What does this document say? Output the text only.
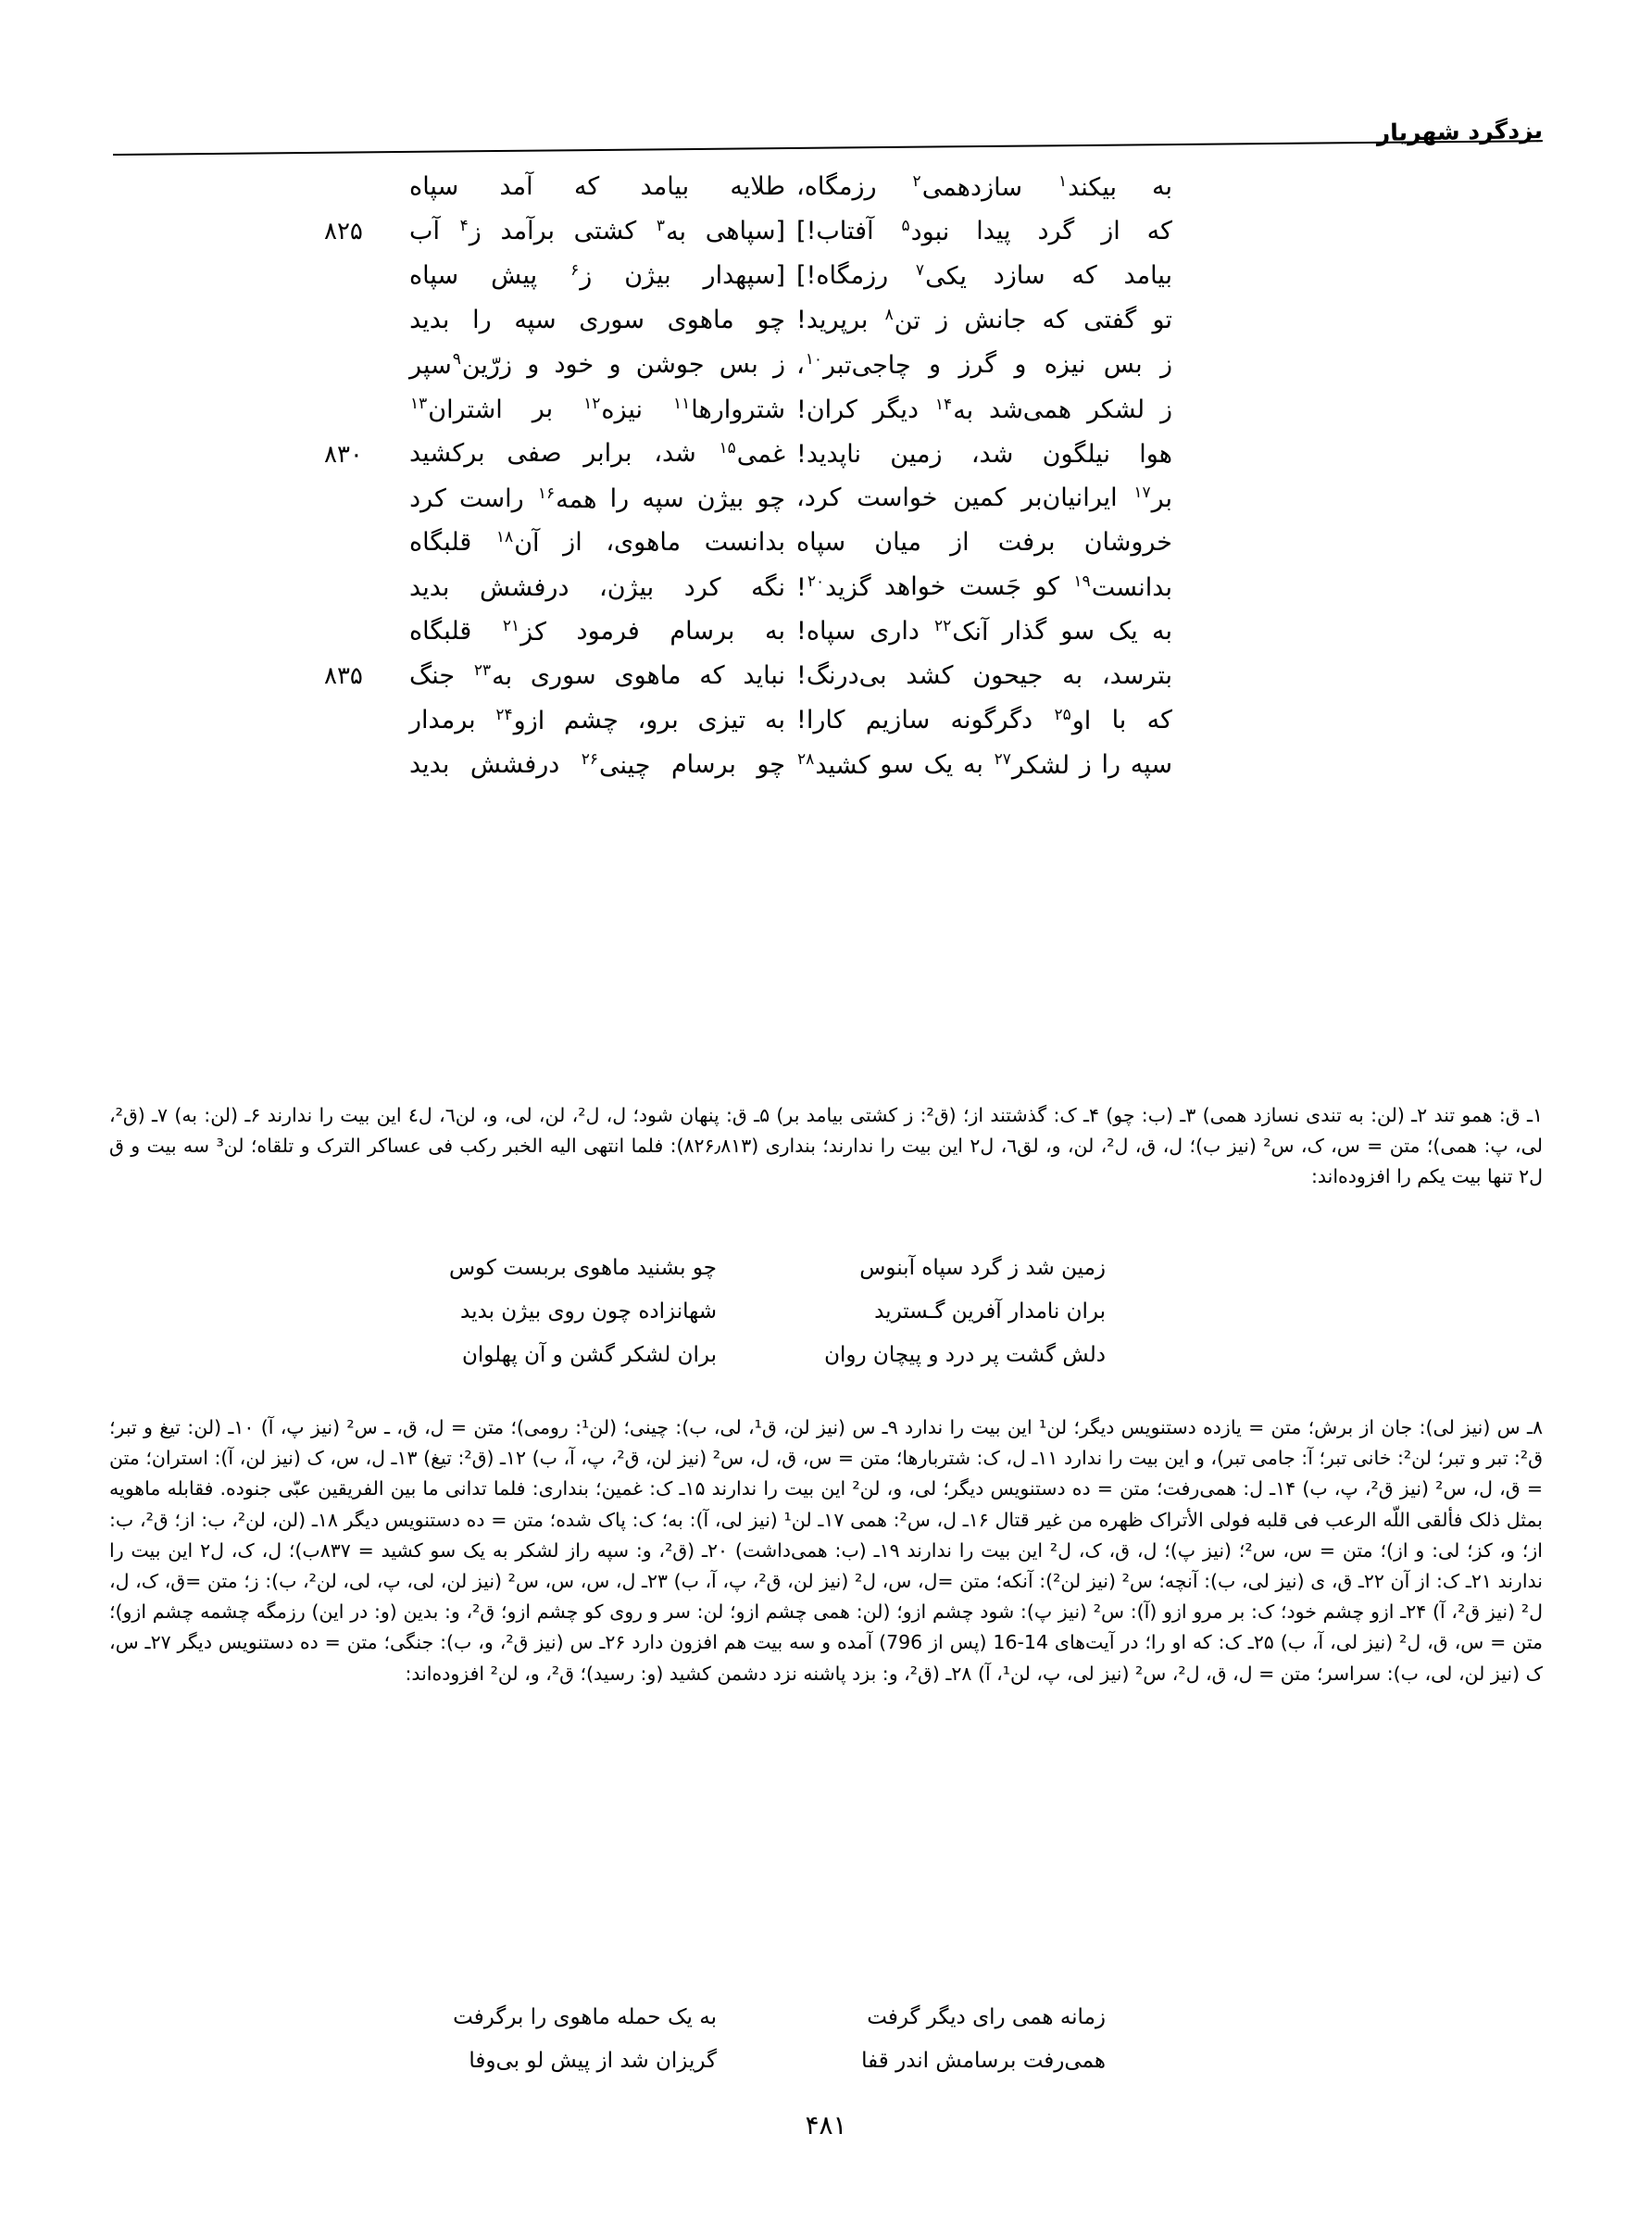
یزدگرد شهریار
به
بیکند$^۱$
سازدهمی$^۲$
رزمگاه،
طلایه
بیامد
که
آمد
سپاه
که
از
گرد
پیدا
نبود$^۵$
آفتاب!]
[سپاهی
به$^۳$
کشتی
برآمد
ز$^۴$
آب
۸۲۵
بیامد
که
سازد
یکی$^۷$
رزمگاه!]
[سپهدار
بیژن
ز$^۶$
پیش
سپاه
تو
گفتی
که
جانش
ز
تن$^۸$
برپرید!
چو
ماهوی
سوری
سپه
را
بدید
ز
بس
نیزه
و
گرز
و
چاجی‌تبر$^{۱۰}$،
ز
بس
جوشن
و
خود
و
زرّین$^۹$سپر
ز
لشکر
همی‌شد
به$^{۱۴}$
دیگر
کران!
شتروارها$^{۱۱}$
نیزه$^{۱۲}$
بر
اشتران$^{۱۳}$
هوا
نیلگون
شد،
زمین
ناپدید!
غمی$^{۱۵}$
شد،
برابر
صفی
برکشید
۸۳۰
بر$^{۱۷}$
ایرانیان‌بر
کمین
خواست
کرد،
چو
بیژن
سپه
را
همه$^{۱۶}$
راست
کرد
خروشان
برفت
از
میان
سپاه
بدانست
ماهوی،
از
آن$^{۱۸}$
قلبگاه
بدانست$^{۱۹}$
کو
جَست
خواهد
گزید$^{۲۰}$!
نگه
کرد
بیژن،
درفشش
بدید
به
یک
سو
گذار
آنک$^{۲۲}$
داری
سپاه!
به
برسام
فرمود
کز$^{۲۱}$
قلبگاه
بترسد،
به
جیحون
کشد
بی‌درنگ!
نباید
که
ماهوی
سوری
به$^{۲۳}$
جنگ
۸۳۵
که
با
او$^{۲۵}$
دگرگونه
سازیم
کارا!
به
تیزی
برو،
چشم
ازو$^{۲۴}$
برمدار
سپه
را
ز
لشکر$^{۲۷}$
به
یک
سو
کشید$^{۲۸}$
چو
برسام
چینی$^{۲۶}$
درفشش
بدید

۱ـ ق: همو تند ۲ـ (لن: به تندی نسازد همی) ۳ـ (ب: چو) ۴ـ ک: گذشتند از؛ (ق²: ز کشتی بیامد بر) ۵ـ ق: پنهان شود؛ ل، ل²، لن، لی، و، لن٦، ل٤ این بیت را ندارند ۶ـ (لن: به) ۷ـ (ق²، لی، پ: همی)؛ متن = س، ک، س² (نیز ب)؛ ل، ق، ل²، لن، و، لق٦، ل٢ این بیت را ندارند؛ بنداری (۸۲۶٫۸۱۳): فلما انتهی الیه الخبر رکب فی عساکر الترک و تلقاه؛ لن³ سه بیت و ق ل٢ تنها بیت یکم را افزوده‌اند:

زمین شد ز گرد سپاه آبنوس
چو بشنید ماهوی بربست کوس
بران نامدار آفرین گـسترید
شهانزاده چون روی بیژن بدید
دلش گشت پر درد و پیچان روان
بران لشکر گشن و آن پهلوان

۸ـ س (نیز لی): جان از برش؛ متن = یازده دستنویس دیگر؛ لن¹ این بیت را ندارد ۹ـ س (نیز لن، ق¹، لی، ب): چینی؛ (لن¹: رومی)؛ متن = ل، ق، ـ س² (نیز پ، آ) ۱۰ـ (لن: تیغ و تبر؛ ق²: تبر و تبر؛ لن²: خانی تبر؛ آ: جامی تبر)، و این بیت را ندارد ۱۱ـ ل، ک: شتربارها؛ متن = س، ق، ل، س² (نیز لن، ق²، پ، آ، ب) ۱۲ـ (ق²: تیغ) ۱۳ـ ل، س، ک (نیز لن، آ): استران؛ متن = ق، ل، س² (نیز ق²، پ، ب) ۱۴ـ ل: همی‌رفت؛ متن = ده دستنویس دیگر؛ لی، و، لن² این بیت را ندارند ۱۵ـ ک: غمین؛ بنداری: فلما تدانی ما بین الفریقین عبّی جنوده. فقابله ماهویه بمثل ذلک فألقی اللّه الرعب فی قلبه فولی الأتراک ظهره من غیر قتال ۱۶ـ ل، س²: همی ۱۷ـ لن¹ (نیز لی، آ): به؛ ک: پاک شده؛ متن = ده دستنویس دیگر ۱۸ـ (لن، لن²، ب: از؛ ق²، ب: از؛ و، کز؛ لی: و از)؛ متن = س، س²؛ (نیز پ)؛ ل، ق، ک، ل² این بیت را ندارند ۱۹ـ (ب: همی‌داشت) ۲۰ـ (ق²، و: سپه راز لشکر به یک سو کشید = ۸۳۷ب)؛ ل، ک، ل٢ این بیت را ندارند ۲۱ـ ک: از آن ۲۲ـ ق، ی (نیز لی، ب): آنچه؛ س² (نیز لن²): آنکه؛ متن =ل، س، ل² (نیز لن، ق²، پ، آ، ب) ۲۳ـ ل، س، س، س² (نیز لن، لی، پ، لی، لن²، ب): ز؛ متن =ق، ک، ل، ل² (نیز ق²، آ) ۲۴ـ ازو چشم خود؛ ک: بر مرو ازو (آ): س² (نیز پ): شود چشم ازو؛ (لن: همی چشم ازو؛ لن: سر و روی کو چشم ازو؛ ق²، و: بدین (و: در این) رزمگه چشمه چشم ازو)؛ متن = س، ق، ل² (نیز لی، آ، ب) ۲۵ـ ک: که او را؛ در آیت‌های 14-16 (پس از 796) آمده و سه بیت هم افزون دارد ۲۶ـ س (نیز ق²، و، ب): جنگی؛ متن = ده دستنویس دیگر ۲۷ـ س، ک (نیز لن، لی، ب): سراسر؛ متن = ل، ق، ل²، س² (نیز لی، پ، لن¹، آ) ۲۸ـ (ق²، و: بزد پاشنه نزد دشمن کشید (و: رسید)؛ ق²، و، لن² افزوده‌اند:

زمانه همی رای دیگر گرفت
به یک حمله ماهوی را برگرفت
همی‌رفت برسامش اندر قفا
گریزان شد از پیش لو بی‌وفا
۴۸۱
